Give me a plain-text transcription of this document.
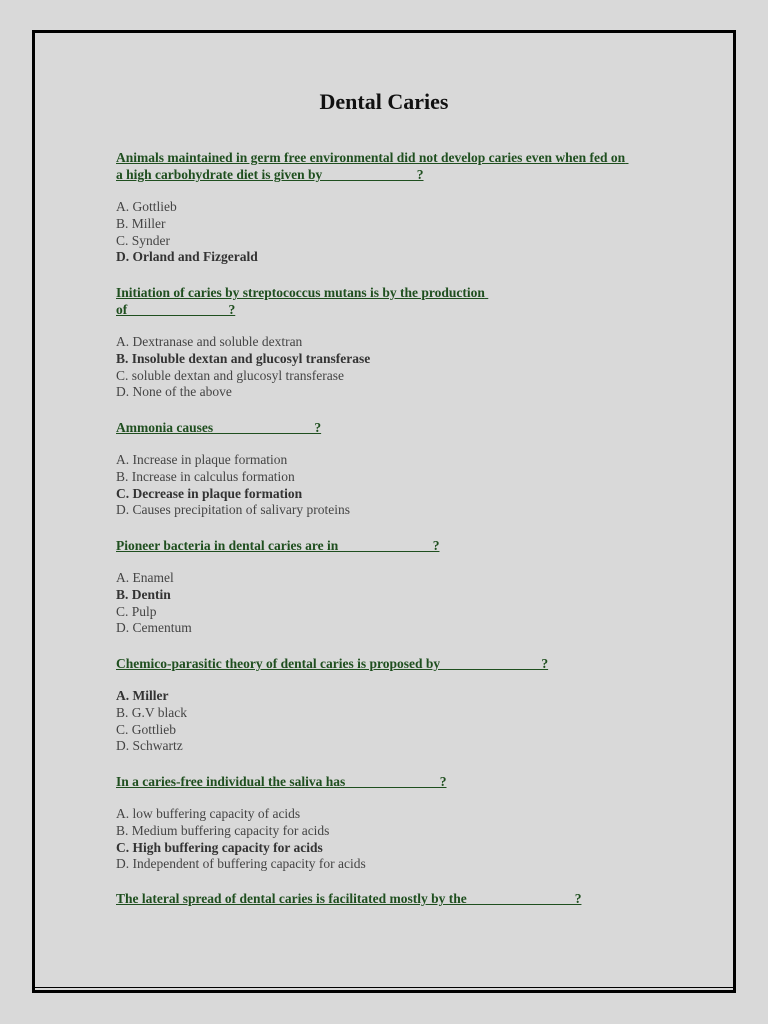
Dental Caries

Animals maintained in germ free environmental did not develop caries even when fed on a high carbohydrate diet is given by______________?

A. Gottlieb
B. Miller
C. Synder
D. Orland and Fizgerald

Initiation of caries by streptococcus mutans is by the production of_______________?

A. Dextranase and soluble dextran
B. Insoluble dextan and glucosyl transferase
C. soluble dextan and glucosyl transferase
D. None of the above

Ammonia causes_______________?

A. Increase in plaque formation
B. Increase in calculus formation
C. Decrease in plaque formation
D. Causes precipitation of salivary proteins

Pioneer bacteria in dental caries are in______________?

A. Enamel
B. Dentin
C. Pulp
D. Cementum

Chemico-parasitic theory of dental caries is proposed by_______________?

A. Miller
B. G.V black
C. Gottlieb
D. Schwartz

In a caries-free individual the saliva has______________?

A. low buffering capacity of acids
B. Medium buffering capacity for acids
C. High buffering capacity for acids
D. Independent of buffering capacity for acids

The lateral spread of dental caries is facilitated mostly by the________________?
